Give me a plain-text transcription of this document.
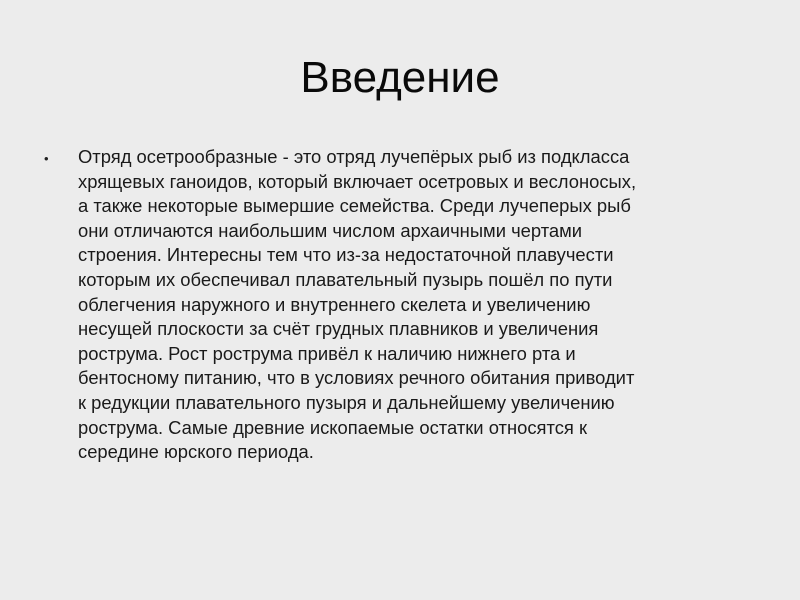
Введение
•	Отряд осетрообразные - это отряд лучепёрых рыб из подкласса
хрящевых ганоидов, который включает осетровых и веслоносых,
а также некоторые вымершие семейства. Среди лучеперых рыб
они отличаются наибольшим числом архаичными чертами
строения. Интересны тем что из-за недостаточной плавучести
которым их обеспечивал плавательный пузырь пошёл по пути
облегчения наружного и внутреннего скелета и увеличению
несущей плоскости за счёт грудных плавников и увеличения
рострума. Рост рострума привёл к наличию нижнего рта и
бентосному питанию, что в условиях речного обитания приводит
к редукции плавательного пузыря и дальнейшему увеличению
рострума. Самые древние ископаемые остатки относятся к
середине юрского периода.
